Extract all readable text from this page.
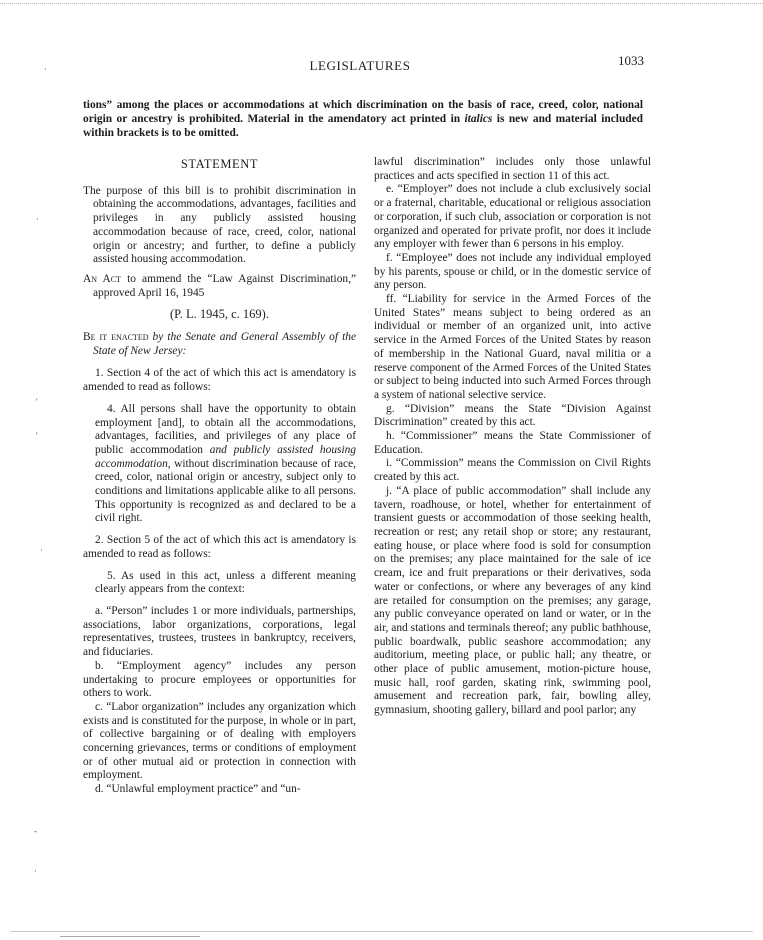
LEGISLATURES	1033
tions” among the places or accommodations at which discrimination on the basis of race, creed, color, national origin or ancestry is prohibited. Material in the amendatory act printed in italics is new and material included within brackets is to be omitted.
STATEMENT

The purpose of this bill is to prohibit discrimination in obtaining the accommodations, advantages, facilities and privileges in any publicly assisted housing accommodation because of race, creed, color, national origin or ancestry; and further, to define a publicly assisted housing accommodation.

An Act to ammend the “Law Against Discrimination,” approved April 16, 1945

(P. L. 1945, c. 169).

Be it enacted by the Senate and General Assembly of the State of New Jersey:

1. Section 4 of the act of which this act is amendatory is amended to read as follows:

4. All persons shall have the opportunity to obtain employment [and], to obtain all the accommodations, advantages, facilities, and privileges of any place of public accommodation and publicly assisted housing accommodation, without discrimination because of race, creed, color, national origin or ancestry, subject only to conditions and limitations applicable alike to all persons. This opportunity is recognized as and declared to be a civil right.

2. Section 5 of the act of which this act is amendatory is amended to read as follows:

5. As used in this act, unless a different meaning clearly appears from the context:

a. “Person” includes 1 or more individuals, partnerships, associations, labor organizations, corporations, legal representatives, trustees, trustees in bankruptcy, receivers, and fiduciaries.

b. “Employment agency” includes any person undertaking to procure employees or opportunities for others to work.

c. “Labor organization” includes any organization which exists and is constituted for the purpose, in whole or in part, of collective bargaining or of dealing with employers concerning grievances, terms or conditions of employment or of other mutual aid or protection in connection with employment.

d. “Unlawful employment practice” and “un-

lawful discrimination” includes only those unlawful practices and acts specified in section 11 of this act.

e. “Employer” does not include a club exclusively social or a fraternal, charitable, educational or religious association or corporation, if such club, association or corporation is not organized and operated for private profit, nor does it include any employer with fewer than 6 persons in his employ.

f. “Employee” does not include any individual employed by his parents, spouse or child, or in the domestic service of any person.

ff. “Liability for service in the Armed Forces of the United States” means subject to being ordered as an individual or member of an organized unit, into active service in the Armed Forces of the United States by reason of membership in the National Guard, naval militia or a reserve component of the Armed Forces of the United States or subject to being inducted into such Armed Forces through a system of national selective service.

g. “Division” means the State “Division Against Discrimination” created by this act.

h. “Commissioner” means the State Commissioner of Education.

i. “Commission” means the Commission on Civil Rights created by this act.

j. “A place of public accommodation” shall include any tavern, roadhouse, or hotel, whether for entertainment of transient guests or accommodation of those seeking health, recreation or rest; any retail shop or store; any restaurant, eating house, or place where food is sold for consumption on the premises; any place maintained for the sale of ice cream, ice and fruit preparations or their derivatives, soda water or confections, or where any beverages of any kind are retailed for consumption on the premises; any garage, any public conveyance operated on land or water, or in the air, and stations and terminals thereof; any public bathhouse, public boardwalk, public seashore accommodation; any auditorium, meeting place, or public hall; any theatre, or other place of public amusement, motion-picture house, music hall, roof garden, skating rink, swimming pool, amusement and recreation park, fair, bowling alley, gymnasium, shooting gallery, billard and pool parlor; any

·
·
'
'
·
-
·
